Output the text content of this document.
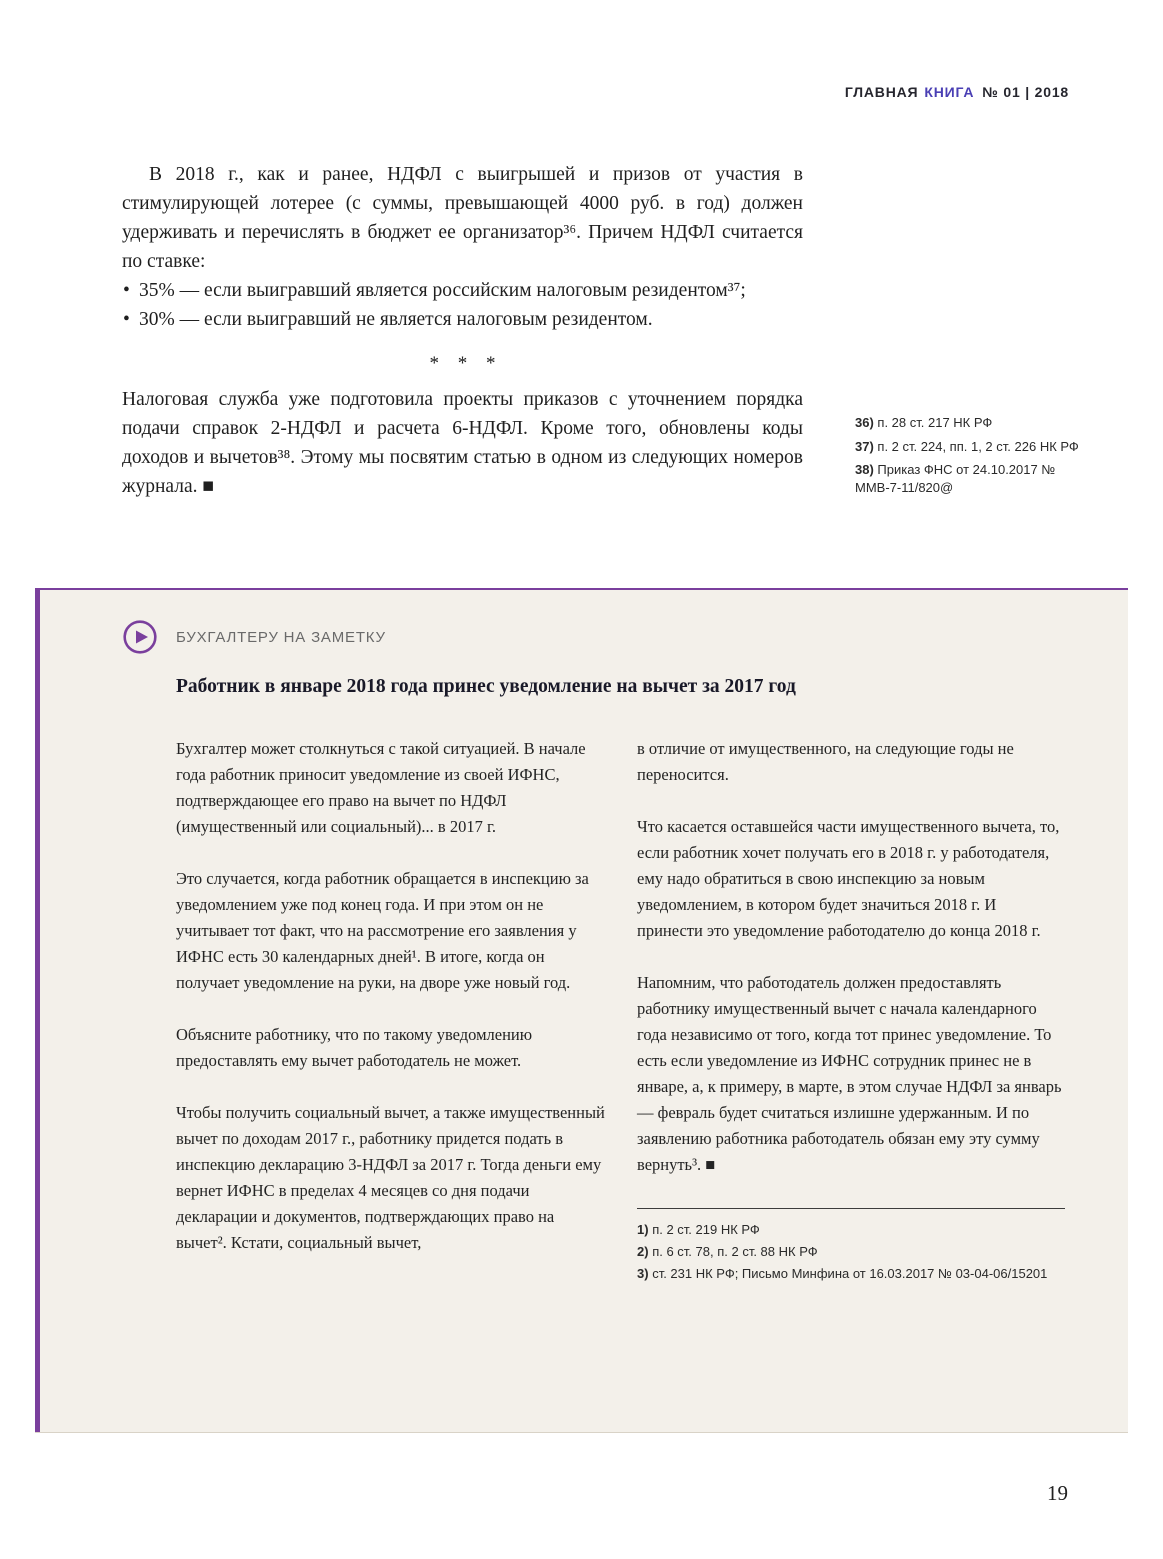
ГЛАВНАЯ КНИГА № 01 | 2018

В 2018 г., как и ранее, НДФЛ с выигрышей и призов от участия в стимулирующей лотерее (с суммы, превышающей 4000 руб. в год) должен удерживать и перечислять в бюджет ее организатор³⁶. Причем НДФЛ считается по ставке:

• 35% — если выигравший является российским налоговым резидентом³⁷;
• 30% — если выигравший не является налоговым резидентом.
* * *

Налоговая служба уже подготовила проекты приказов с уточнением порядка подачи справок 2-НДФЛ и расчета 6-НДФЛ. Кроме того, обновлены коды доходов и вычетов³⁸. Этому мы посвятим статью в одном из следующих номеров журнала. ■

36) п. 28 ст. 217 НК РФ
37) п. 2 ст. 224, пп. 1, 2 ст. 226 НК РФ
38) Приказ ФНС от 24.10.2017 № ММВ-7-11/820@
БУХГАЛТЕРУ НА ЗАМЕТКУ
Работник в январе 2018 года принес уведомление на вычет за 2017 год

Бухгалтер может столкнуться с такой ситуацией. В начале года работник приносит уведомление из своей ИФНС, подтверждающее его право на вычет по НДФЛ (имущественный или социальный)... в 2017 г.

Это случается, когда работник обращается в инспекцию за уведомлением уже под конец года. И при этом он не учитывает тот факт, что на рассмотрение его заявления у ИФНС есть 30 календарных дней¹. В итоге, когда он получает уведомление на руки, на дворе уже новый год.

Объясните работнику, что по такому уведомлению предоставлять ему вычет работодатель не может.

Чтобы получить социальный вычет, а также имущественный вычет по доходам 2017 г., работнику придется подать в инспекцию декларацию 3-НДФЛ за 2017 г. Тогда деньги ему вернет ИФНС в пределах 4 месяцев со дня подачи декларации и документов, подтверждающих право на вычет². Кстати, социальный вычет,

в отличие от имущественного, на следующие годы не переносится.

Что касается оставшейся части имущественного вычета, то, если работник хочет получать его в 2018 г. у работодателя, ему надо обратиться в свою инспекцию за новым уведомлением, в котором будет значиться 2018 г. И принести это уведомление работодателю до конца 2018 г.

Напомним, что работодатель должен предоставлять работнику имущественный вычет с начала календарного года независимо от того, когда тот принес уведомление. То есть если уведомление из ИФНС сотрудник принес не в январе, а, к примеру, в марте, в этом случае НДФЛ за январь — февраль будет считаться излишне удержанным. И по заявлению работника работодатель обязан ему эту сумму вернуть³. ■

1) п. 2 ст. 219 НК РФ
2) п. 6 ст. 78, п. 2 ст. 88 НК РФ
3) ст. 231 НК РФ; Письмо Минфина от 16.03.2017 № 03-04-06/15201
19
